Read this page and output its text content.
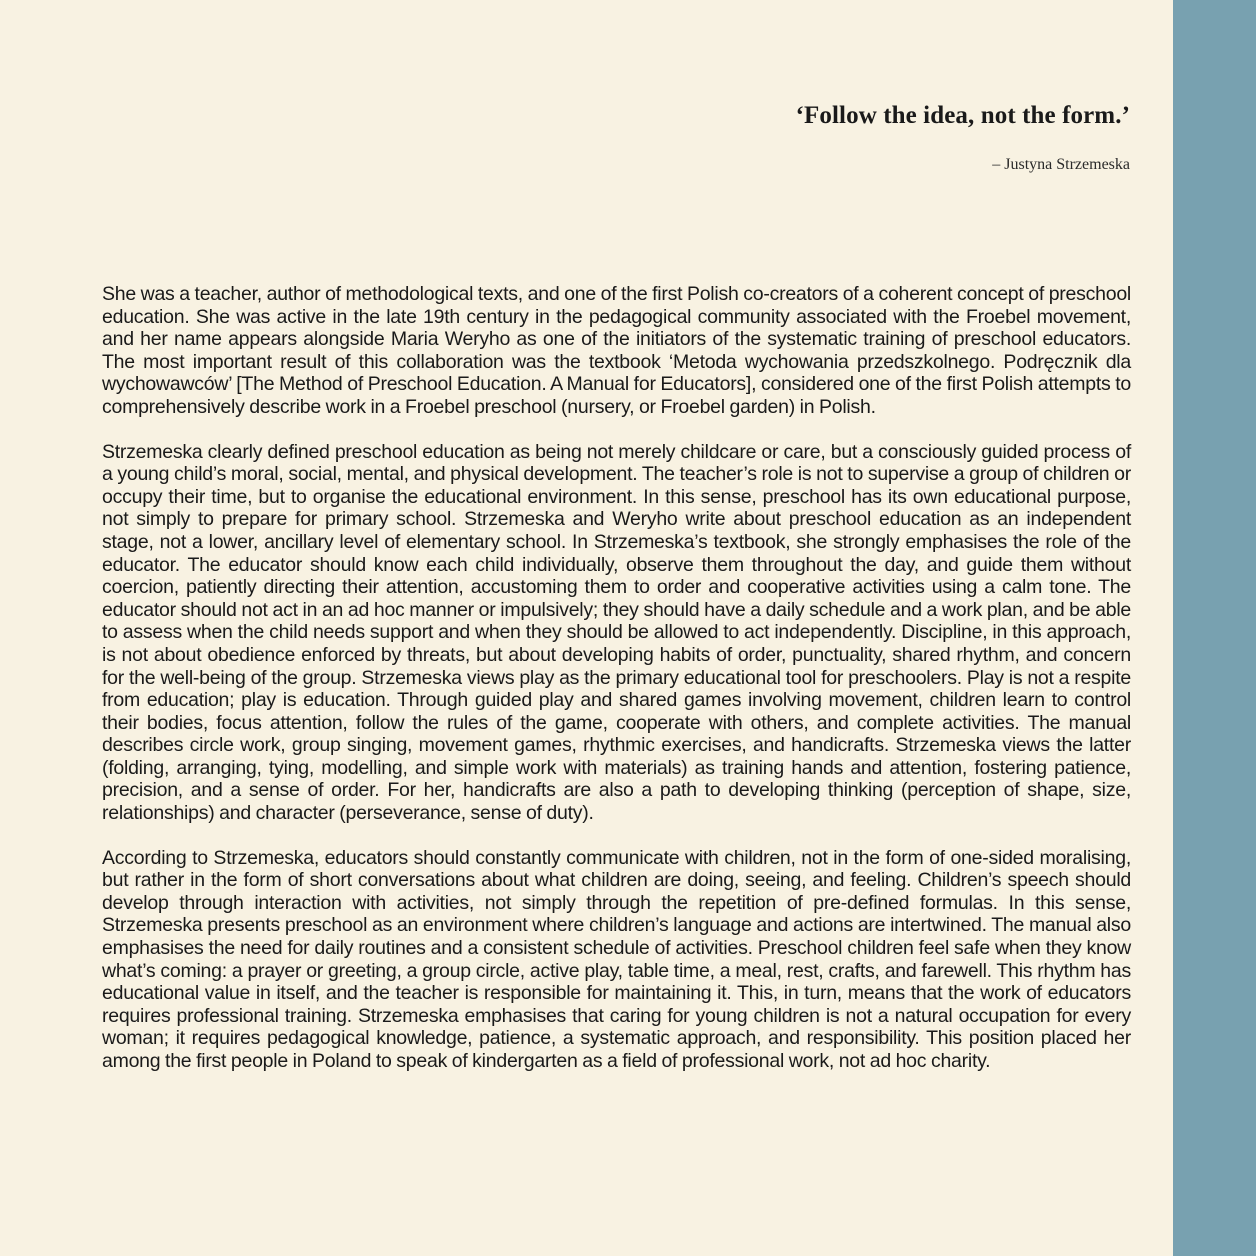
‘Follow the idea, not the form.’

– Justyna Strzemeska

She was a teacher, author of methodological texts, and one of the first Polish co-creators of a coherent concept of preschool education. She was active in the late 19th century in the pedagogical community associated with the Froebel movement, and her name appears alongside Maria Weryho as one of the initiators of the systematic training of preschool educators. The most important result of this collaboration was the textbook ‘Metoda wychowania przedszkolnego. Podręcznik dla wychowawców’ [The Method of Preschool Education. A Manual for Educators], considered one of the first Polish attempts to comprehensively describe work in a Froebel preschool (nursery, or Froebel garden) in Polish.

Strzemeska clearly defined preschool education as being not merely childcare or care, but a consciously guided process of a young child’s moral, social, mental, and physical development. The teacher’s role is not to supervise a group of children or occupy their time, but to organise the educational environment. In this sense, preschool has its own educational purpose, not simply to prepare for primary school. Strzemeska and Weryho write about preschool education as an independent stage, not a lower, ancillary level of elementary school. In Strzemeska’s textbook, she strongly emphasises the role of the educator. The educator should know each child individually, observe them throughout the day, and guide them without coercion, patiently directing their attention, accustoming them to order and cooperative activities using a calm tone. The educator should not act in an ad hoc manner or impulsively; they should have a daily schedule and a work plan, and be able to assess when the child needs support and when they should be allowed to act independently. Discipline, in this approach, is not about obedience enforced by threats, but about developing habits of order, punctuality, shared rhythm, and concern for the well-being of the group. Strzemeska views play as the primary educational tool for preschoolers. Play is not a respite from education; play is education. Through guided play and shared games involving movement, children learn to control their bodies, focus attention, follow the rules of the game, cooperate with others, and complete activities. The manual describes circle work, group singing, movement games, rhythmic exercises, and handicrafts. Strzemeska views the latter (folding, arranging, tying, modelling, and simple work with materials) as training hands and attention, fostering patience, precision, and a sense of order. For her, handicrafts are also a path to developing thinking (perception of shape, size, relationships) and character (perseverance, sense of duty).

According to Strzemeska, educators should constantly communicate with children, not in the form of one-sided moralising, but rather in the form of short conversations about what children are doing, seeing, and feeling. Children’s speech should develop through interaction with activities, not simply through the repetition of pre-defined formulas. In this sense, Strzemeska presents preschool as an environment where children’s language and actions are intertwined. The manual also emphasises the need for daily routines and a consistent schedule of activities. Preschool children feel safe when they know what’s coming: a prayer or greeting, a group circle, active play, table time, a meal, rest, crafts, and farewell. This rhythm has educational value in itself, and the teacher is responsible for maintaining it. This, in turn, means that the work of educators requires professional training. Strzemeska emphasises that caring for young children is not a natural occupation for every woman; it requires pedagogical knowledge, patience, a systematic approach, and responsibility. This position placed her among the first people in Poland to speak of kindergarten as a field of professional work, not ad hoc charity.
